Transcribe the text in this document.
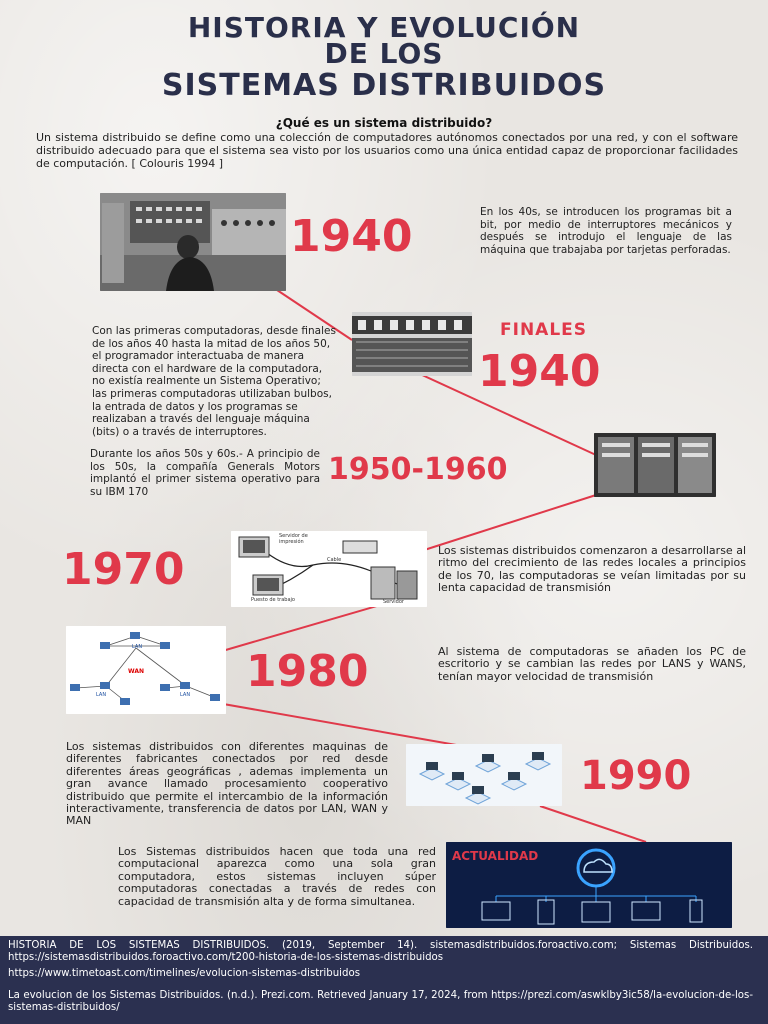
HISTORIA Y EVOLUCIÓN
DE LOS
SISTEMAS DISTRIBUIDOS
¿Qué es un sistema distribuido?
Un sistema distribuido se define como una colección de computadores autónomos conectados por una red, y con el software distribuido adecuado para que el sistema sea visto por los usuarios como una única entidad capaz de proporcionar facilidades de computación. [ Colouris 1994 ]
1940	En los 40s, se introducen los programas bit a bit, por medio de interruptores mecánicos y después se introdujo el lenguaje de las máquina que trabajaba por tarjetas perforadas.
FINALES
1940
Con las primeras computadoras, desde finales de los años 40 hasta la mitad de los años 50, el programador interactuaba de manera directa con el hardware de la computadora, no existía realmente un Sistema Operativo; las primeras computadoras utilizaban bulbos, la entrada de datos y los programas se realizaban a través del lenguaje máquina (bits) o a través de interruptores.
1950-1960
Durante los años 50s y 60s.- A principio de los 50s, la compañía Generals Motors implantó el primer sistema operativo para su IBM 170
Servidor de impresión
Cable
Servidor
Puesto de trabajo
1970	Los sistemas distribuidos comenzaron a desarrollarse al ritmo del crecimiento de las redes locales a principios de los 70, las computadoras se veían limitadas por su lenta capacidad de transmisión
LAN
WAN
LAN	LAN 1980	Al sistema de computadoras se añaden los PC de escritorio y se cambian las redes por LANS y WANS, tenían mayor velocidad de transmisión
1990
Los sistemas distribuidos con diferentes maquinas de diferentes fabricantes conectados por red desde diferentes áreas geográficas , ademas implementa un gran avance llamado procesamiento cooperativo distribuido que permite el intercambio de la información interactivamente, transferencia de datos por LAN, WAN y MAN
ACTUALIDAD
Los Sistemas distribuidos hacen que toda una red computacional aparezca como una sola gran computadora, estos sistemas incluyen súper computadoras conectadas a través de redes con capacidad de transmisión alta y de forma simultanea.
HISTORIA DE LOS SISTEMAS DISTRIBUIDOS. (2019, September 14). sistemasdistribuidos.foroactivo.com; Sistemas Distribuidos. https://sistemasdistribuidos.foroactivo.com/t200-historia-de-los-sistemas-distribuidos
https://www.timetoast.com/timelines/evolucion-sistemas-distribuidos
La evolucion de los Sistemas Distribuidos. (n.d.). Prezi.com. Retrieved January 17, 2024, from https://prezi.com/aswklby3ic58/la-evolucion-de-los-sistemas-distribuidos/
